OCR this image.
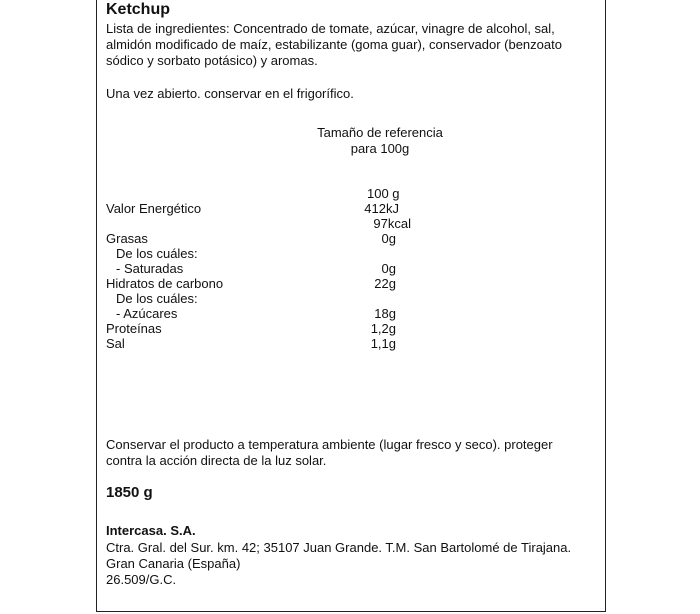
Ketchup
Lista de ingredientes: Concentrado de tomate, azúcar, vinagre de alcohol, sal,
almidón modificado de maíz, estabilizante (goma guar), conservador (benzoato
sódico y sorbato potásico) y aromas.
Una vez abierto. conservar en el frigorífico.
Tamaño de referencia
para 100g
100 g
Valor Energético	412kJ
97kcal
Grasas	0g
De los cuáles:
- Saturadas	0g
Hidratos de carbono	22g
De los cuáles:
- Azúcares	18g
Proteínas	1,2g
Sal	1,1g
Conservar el producto a temperatura ambiente (lugar fresco y seco). proteger
contra la acción directa de la luz solar.
1850 g
Intercasa. S.A.
Ctra. Gral. del Sur. km. 42; 35107 Juan Grande. T.M. San Bartolomé de Tirajana.
Gran Canaria (España)
26.509/G.C.
